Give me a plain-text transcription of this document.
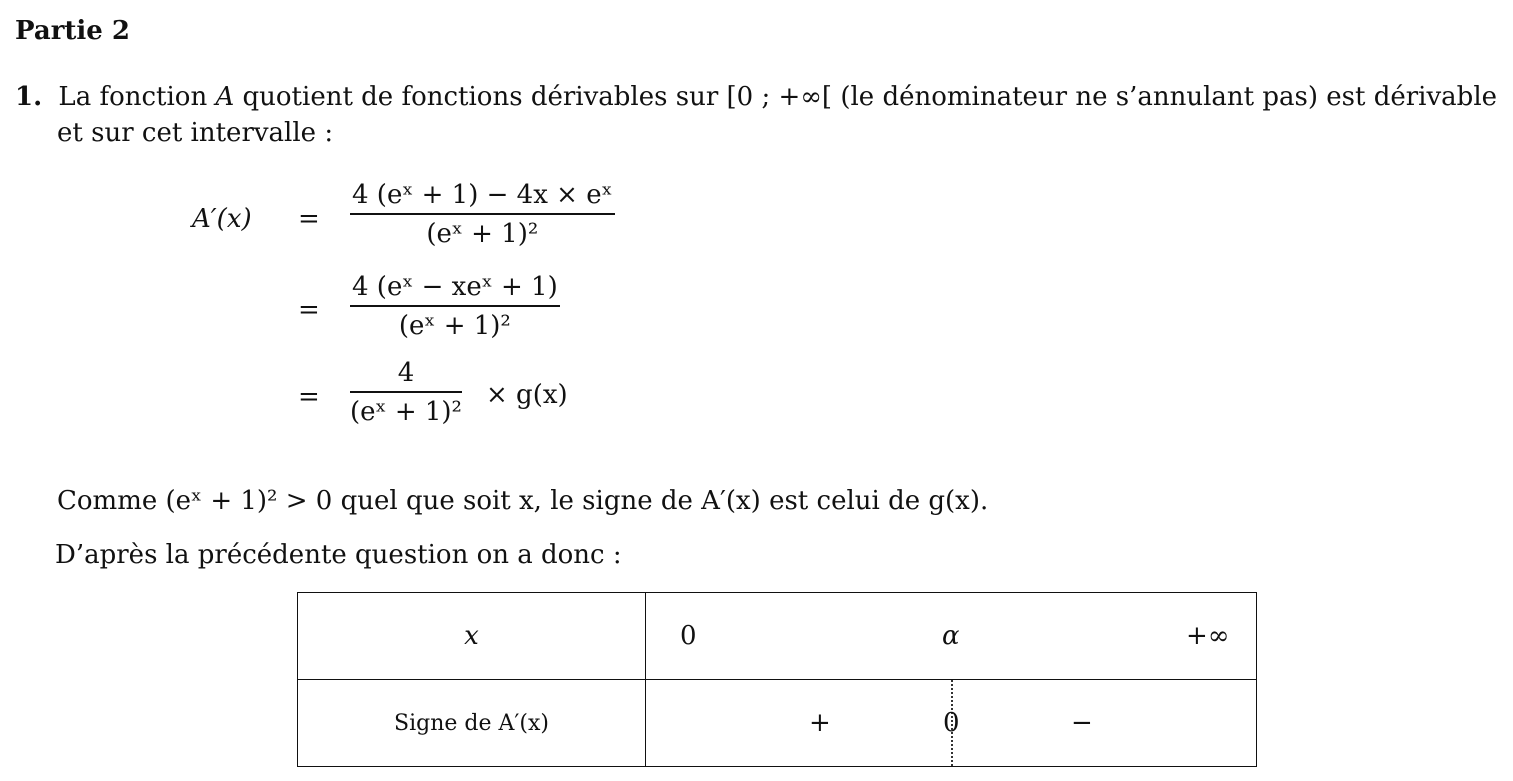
Partie 2
1. La fonction A quotient de fonctions dérivables sur [0 ; +∞[ (le dénominateur ne s’annulant pas) est dérivable
et sur cet intervalle :
A′(x) =
=
=
$\frac{\text{4 (eˣ + 1) − 4x × eˣ}}{\text{(eˣ + 1)²}}$
4 (eˣ − xeˣ + 1)
(eˣ + 1)²
$\frac{4}{\text{(eˣ + 1)²}} \times g(x)$
Comme (eˣ + 1)² > 0 quel que soit x, le signe de A′(x) est celui de g(x).
D’après la précédente question on a donc :
x	0 α +∞

Signe de A′(x)	+ 0 −
